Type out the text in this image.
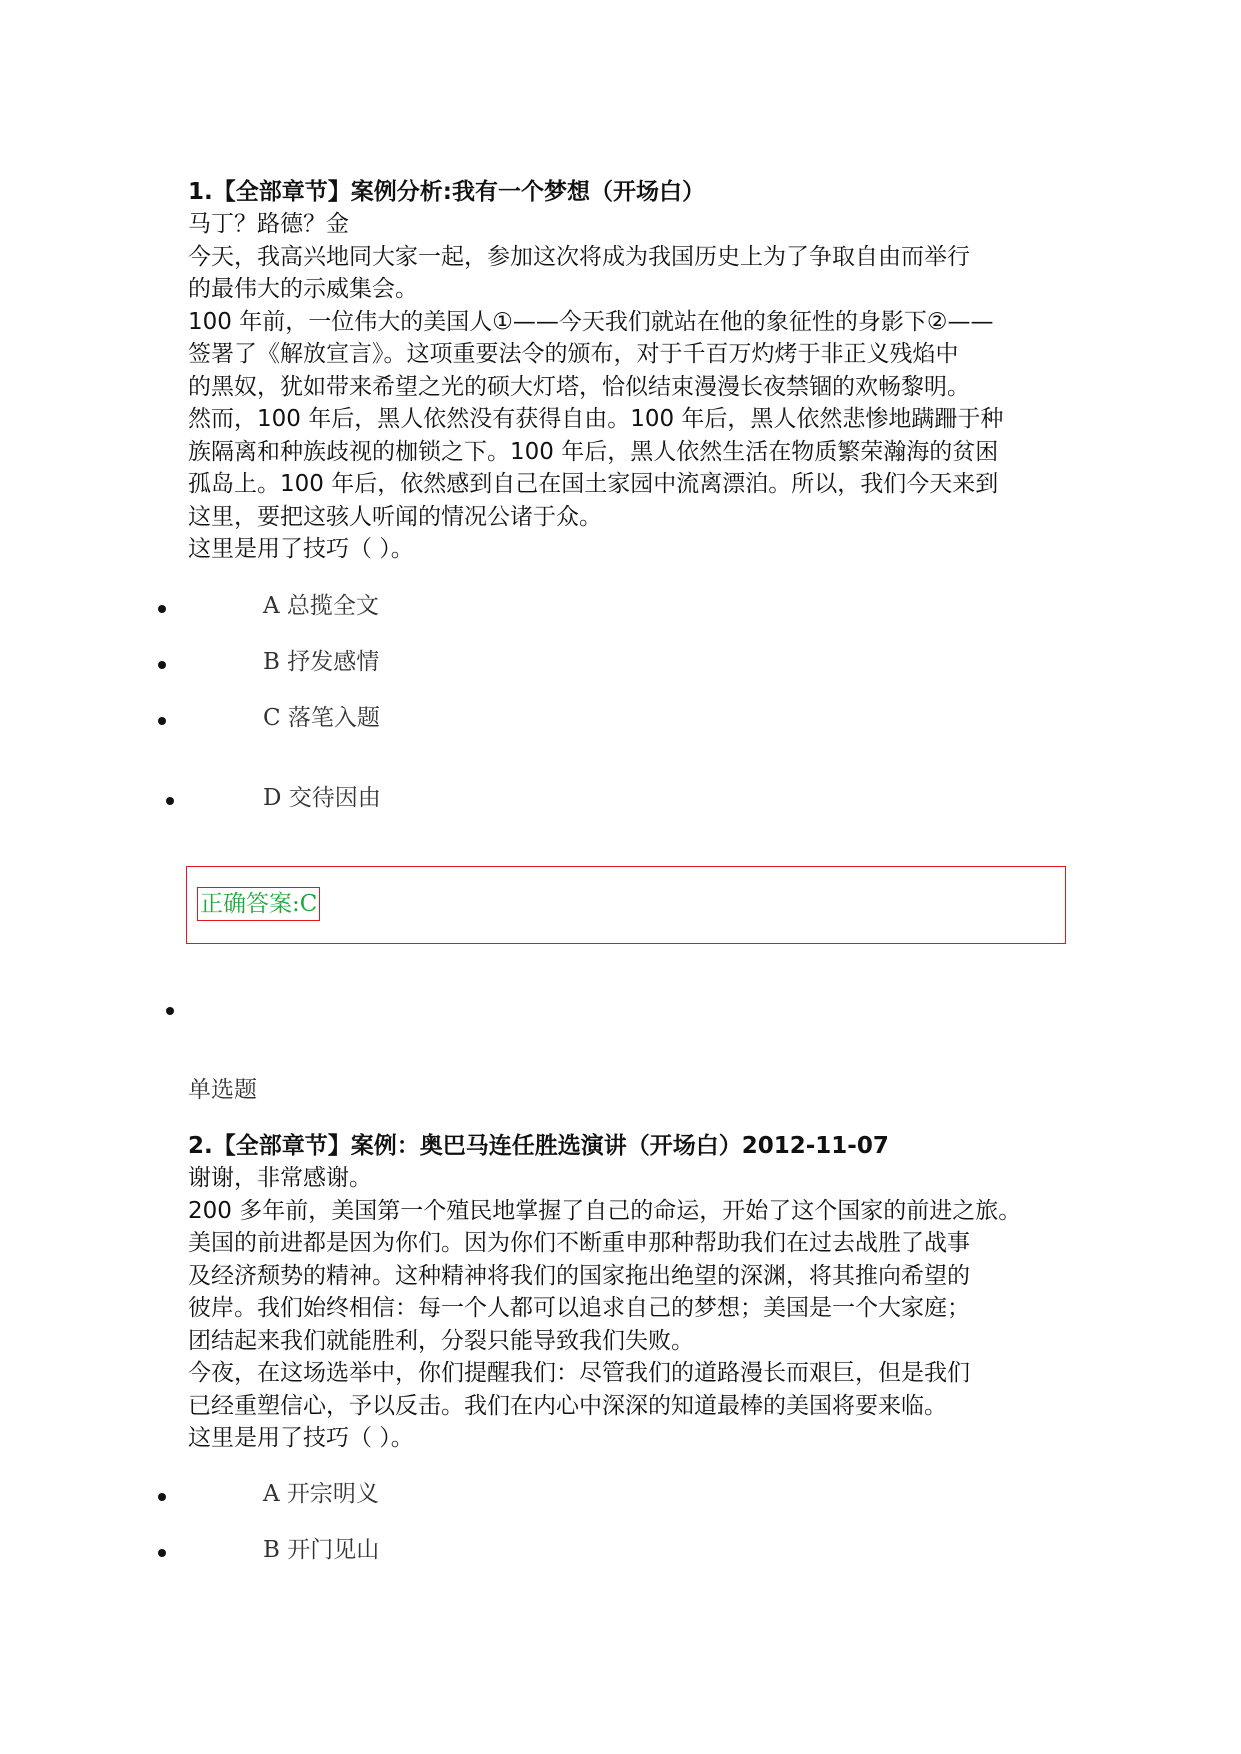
1.【全部章节】案例分析:我有一个梦想（开场白）

马丁？路德？金

今天，我高兴地同大家一起，参加这次将成为我国历史上为了争取自由而举行

的最伟大的示威集会。

100 年前，一位伟大的美国人①——今天我们就站在他的象征性的身影下②——

签署了《解放宣言》。这项重要法令的颁布，对于千百万灼烤于非正义残焰中

的黑奴，犹如带来希望之光的硕大灯塔，恰似结束漫漫长夜禁锢的欢畅黎明。

然而，100 年后，黑人依然没有获得自由。100 年后，黑人依然悲惨地蹒跚于种

族隔离和种族歧视的枷锁之下。100 年后，黑人依然生活在物质繁荣瀚海的贫困

孤岛上。100 年后，依然感到自己在国土家园中流离漂泊。所以，我们今天来到

这里，要把这骇人听闻的情况公诸于众。

这里是用了技巧（ ）。

A 总揽全文
B 抒发感情
C 落笔入题
D 交待因由
正确答案:C
单选题
2.【全部章节】案例：奥巴马连任胜选演讲（开场白）2012-11-07

谢谢，非常感谢。

200 多年前，美国第一个殖民地掌握了自己的命运，开始了这个国家的前进之旅。

美国的前进都是因为你们。因为你们不断重申那种帮助我们在过去战胜了战事

及经济颓势的精神。这种精神将我们的国家拖出绝望的深渊，将其推向希望的

彼岸。我们始终相信：每一个人都可以追求自己的梦想；美国是一个大家庭；

团结起来我们就能胜利，分裂只能导致我们失败。

今夜，在这场选举中，你们提醒我们：尽管我们的道路漫长而艰巨，但是我们

已经重塑信心，予以反击。我们在内心中深深的知道最棒的美国将要来临。

这里是用了技巧（ ）。

A 开宗明义
B 开门见山
